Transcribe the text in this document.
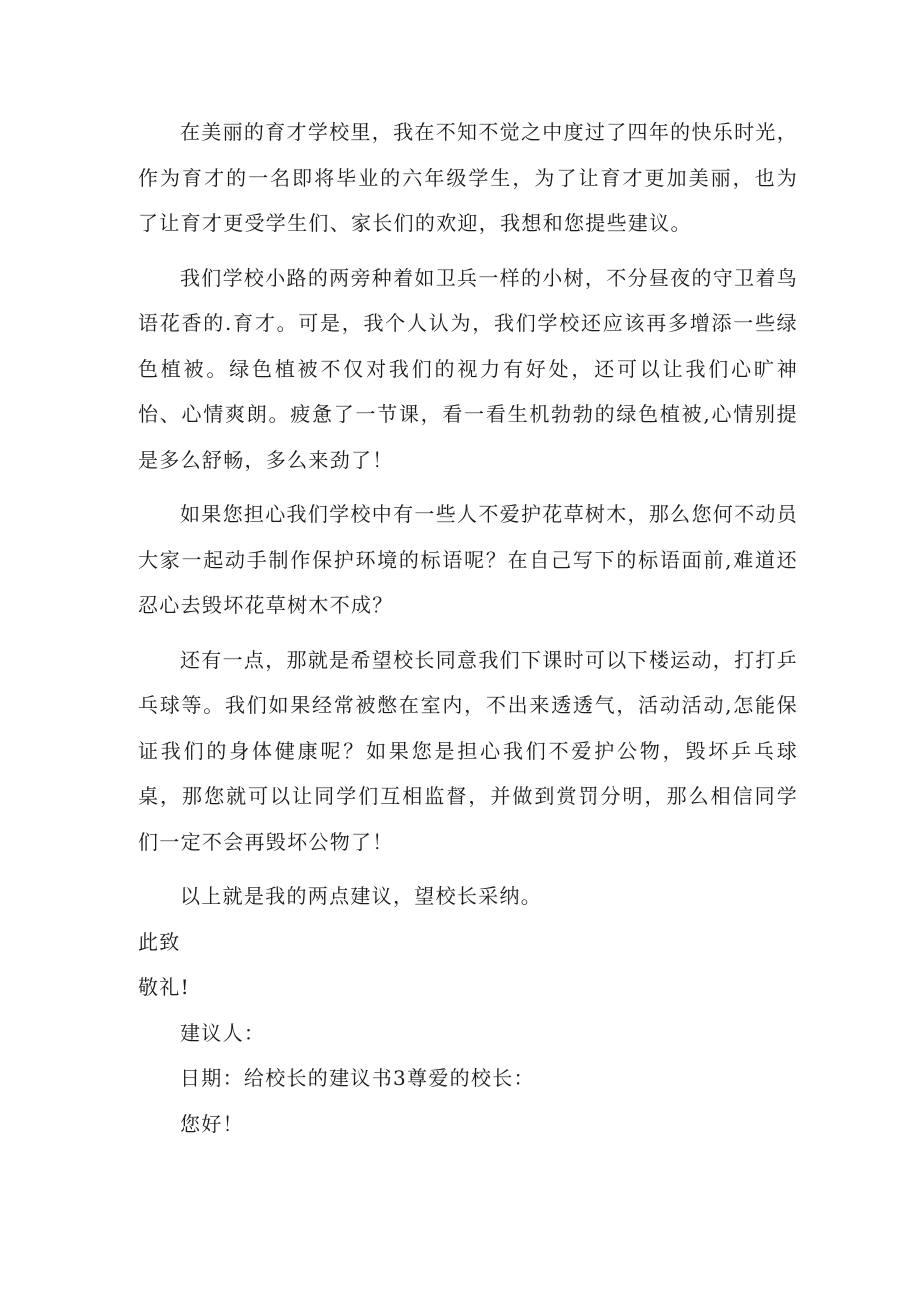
在美丽的育才学校里，我在不知不觉之中度过了四年的快乐时光，作为育才的一名即将毕业的六年级学生，为了让育才更加美丽，也为了让育才更受学生们、家长们的欢迎，我想和您提些建议。

我们学校小路的两旁种着如卫兵一样的小树，不分昼夜的守卫着鸟语花香的.育才。可是，我个人认为，我们学校还应该再多增添一些绿色植被。绿色植被不仅对我们的视力有好处，还可以让我们心旷神怡、心情爽朗。疲惫了一节课，看一看生机勃勃的绿色植被,心情别提是多么舒畅，多么来劲了！

如果您担心我们学校中有一些人不爱护花草树木，那么您何不动员大家一起动手制作保护环境的标语呢？在自己写下的标语面前,难道还忍心去毁坏花草树木不成？

还有一点，那就是希望校长同意我们下课时可以下楼运动，打打乒乓球等。我们如果经常被憋在室内，不出来透透气，活动活动,怎能保证我们的身体健康呢？如果您是担心我们不爱护公物，毁坏乒乓球桌，那您就可以让同学们互相监督，并做到赏罚分明，那么相信同学们一定不会再毁坏公物了！

以上就是我的两点建议，望校长采纳。

此致

敬礼!

建议人：

日期：给校长的建议书3尊爱的校长：

您好！
